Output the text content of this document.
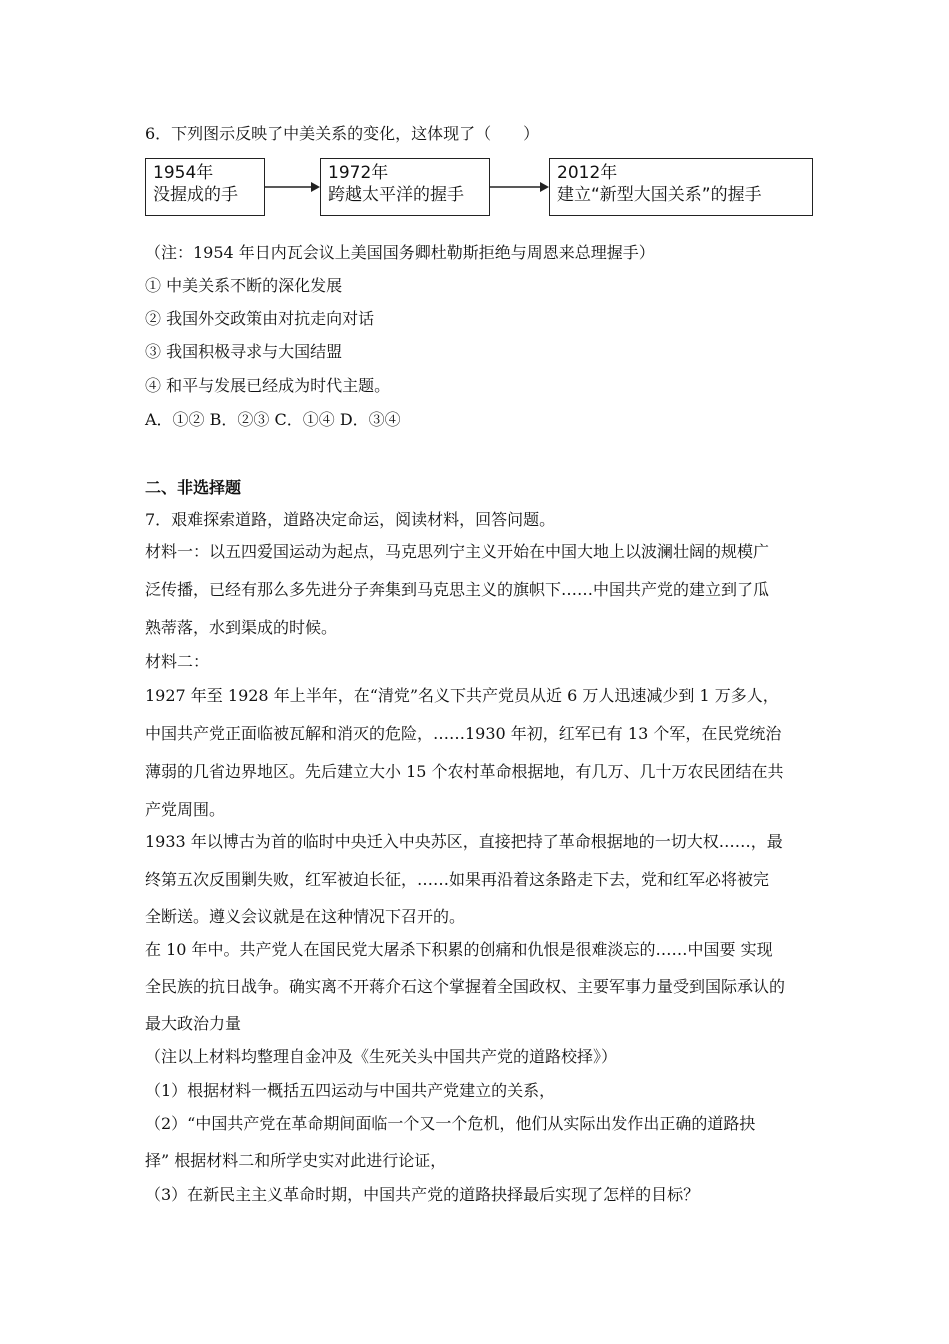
6．下列图示反映了中美关系的变化，这体现了（　　）
1954年
没握成的手
1972年
跨越太平洋的握手
2012年
建立“新型大国关系”的握手
（注：1954 年日内瓦会议上美国国务卿杜勒斯拒绝与周恩来总理握手）
① 中美关系不断的深化发展
② 我国外交政策由对抗走向对话
③ 我国积极寻求与大国结盟
④ 和平与发展已经成为时代主题。
A．①② B．②③ C．①④ D．③④
二、非选择题
7．艰难探索道路，道路决定命运，阅读材料，回答问题。
材料一：以五四爱国运动为起点，马克思列宁主义开始在中国大地上以波澜壮阔的规模广
泛传播，已经有那么多先进分子奔集到马克思主义的旗帜下……中国共产党的建立到了瓜
熟蒂落，水到渠成的时候。
材料二：
1927 年至 1928 年上半年，在“清党”名义下共产党员从近 6 万人迅速减少到 1 万多人，
中国共产党正面临被瓦解和消灭的危险，……1930 年初，红军已有 13 个军，在民党统治
薄弱的几省边界地区。先后建立大小 15 个农村革命根据地，有几万、几十万农民团结在共
产党周围。
1933 年以博古为首的临时中央迁入中央苏区，直接把持了革命根据地的一切大权……，最
终第五次反围剿失败，红军被迫长征，……如果再沿着这条路走下去，党和红军必将被完
全断送。遵义会议就是在这种情况下召开的。
在 10 年中。共产党人在国民党大屠杀下积累的创痛和仇恨是很难淡忘的……中国要 实现
全民族的抗日战争。确实离不开蒋介石这个掌握着全国政权、主要军事力量受到国际承认的
最大政治力量
（注以上材料均整理自金冲及《生死关头中国共产党的道路校择》）
（1）根据材料一概括五四运动与中国共产党建立的关系，
（2）“中国共产党在革命期间面临一个又一个危机，他们从实际出发作出正确的道路抉
择” 根据材料二和所学史实对此进行论证，
（3）在新民主主义革命时期，中国共产党的道路抉择最后实现了怎样的目标？
